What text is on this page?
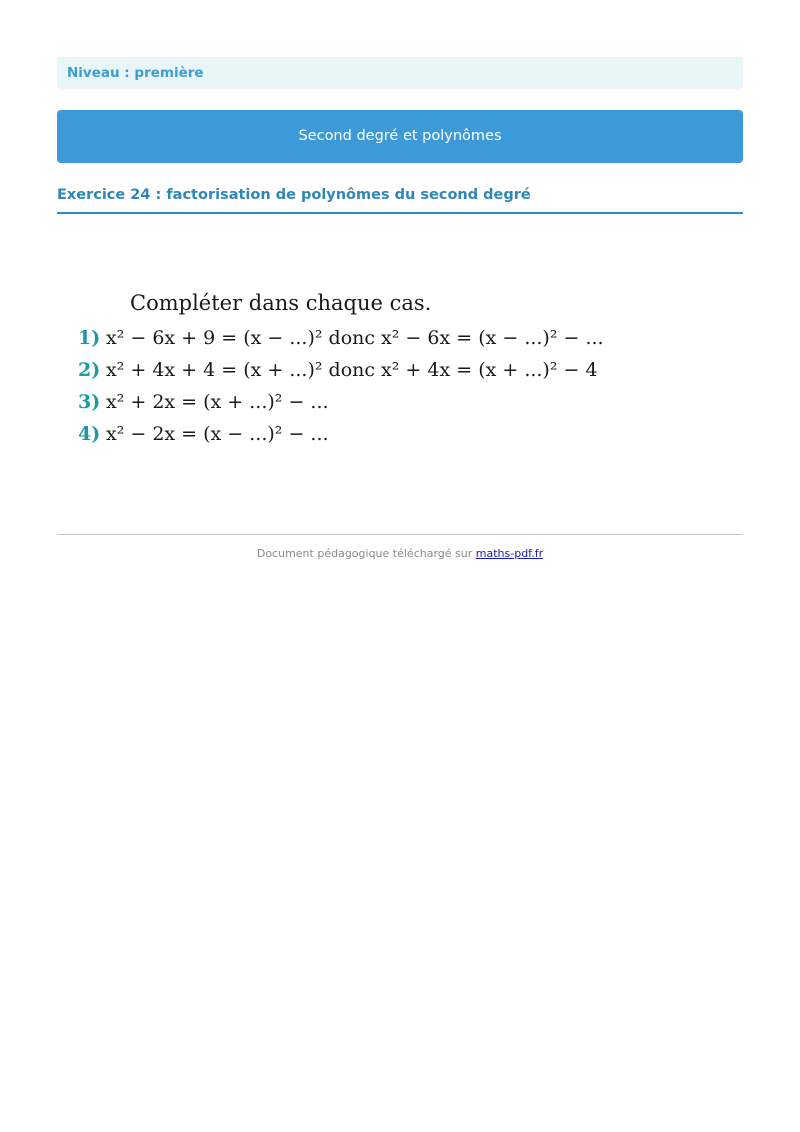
Niveau : première
Second degré et polynômes
Exercice 24 : factorisation de polynômes du second degré
Compléter dans chaque cas.
1) x² − 6x + 9 = (x − ...)² donc x² − 6x = (x − ...)² − ...
2) x² + 4x + 4 = (x + ...)² donc x² + 4x = (x + ...)² − 4
3) x² + 2x = (x + ...)² − ...
4) x² − 2x = (x − ...)² − ...
Document pédagogique téléchargé sur maths-pdf.fr
